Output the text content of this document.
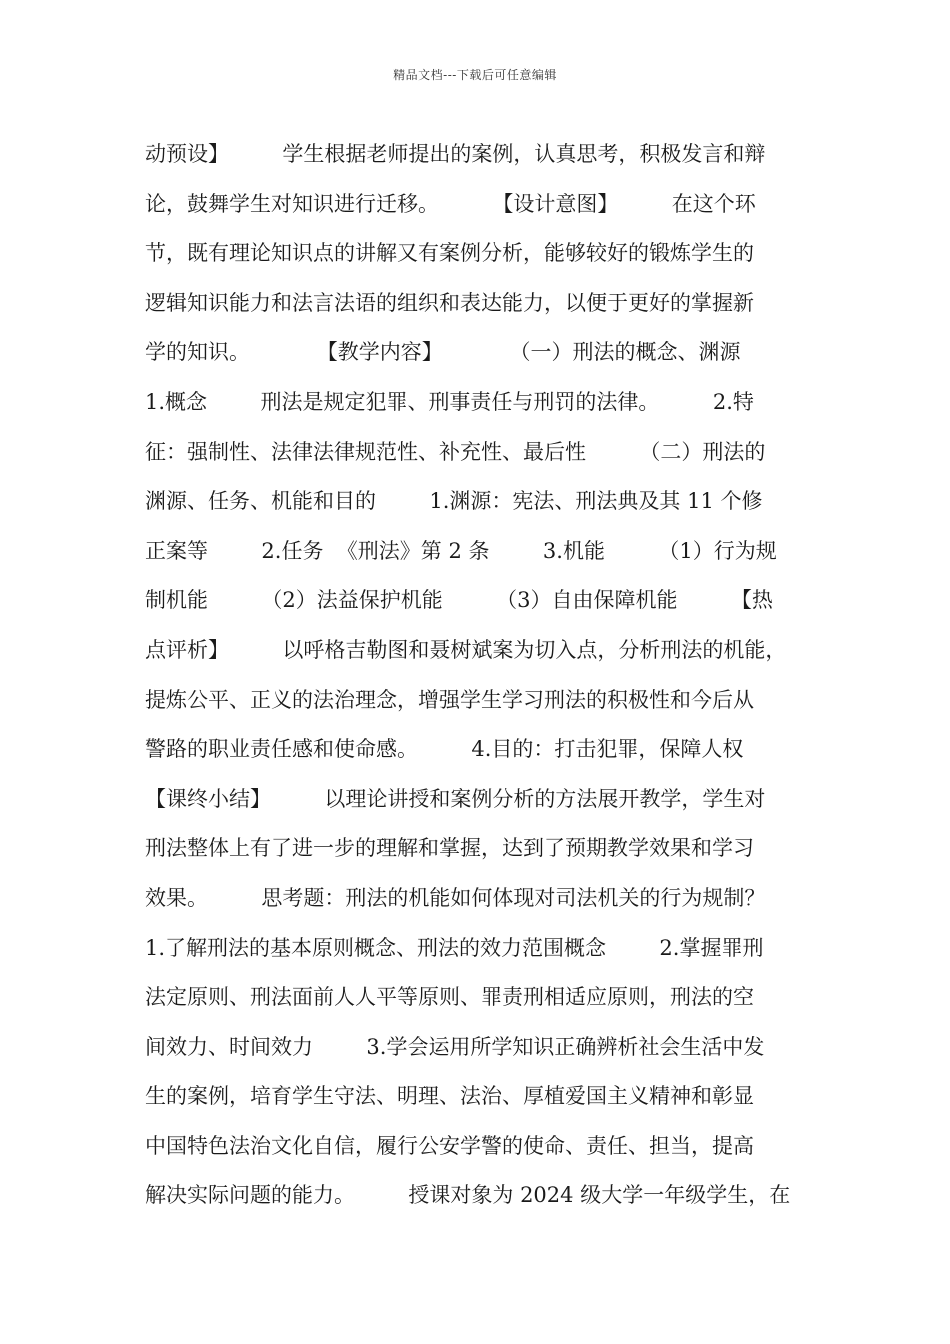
精品文档---下载后可任意编辑
动预设】        学生根据老师提出的案例，认真思考，积极发言和辩
论，鼓舞学生对知识进行迁移。        【设计意图】        在这个环
节，既有理论知识点的讲解又有案例分析，能够较好的锻炼学生的
逻辑知识能力和法言法语的组织和表达能力，以便于更好的掌握新
学的知识。          【教学内容】          （一）刑法的概念、渊源
1.概念        刑法是规定犯罪、刑事责任与刑罚的法律。        2.特
征：强制性、法律法律规范性、补充性、最后性        （二）刑法的
渊源、任务、机能和目的        1.渊源：宪法、刑法典及其 11 个修
正案等        2.任务  《刑法》第 2 条        3.机能        （1）行为规
制机能        （2）法益保护机能        （3）自由保障机能        【热
点评析】        以呼格吉勒图和聂树斌案为切入点，分析刑法的机能，
提炼公平、正义的法治理念，增强学生学习刑法的积极性和今后从
警路的职业责任感和使命感。        4.目的：打击犯罪，保障人权
【课终小结】        以理论讲授和案例分析的方法展开教学，学生对
刑法整体上有了进一步的理解和掌握，达到了预期教学效果和学习
效果。        思考题：刑法的机能如何体现对司法机关的行为规制？
1.了解刑法的基本原则概念、刑法的效力范围概念        2.掌握罪刑
法定原则、刑法面前人人平等原则、罪责刑相适应原则，刑法的空
间效力、时间效力        3.学会运用所学知识正确辨析社会生活中发
生的案例，培育学生守法、明理、法治、厚植爱国主义精神和彰显
中国特色法治文化自信，履行公安学警的使命、责任、担当，提高
解决实际问题的能力。        授课对象为 2024 级大学一年级学生，在
